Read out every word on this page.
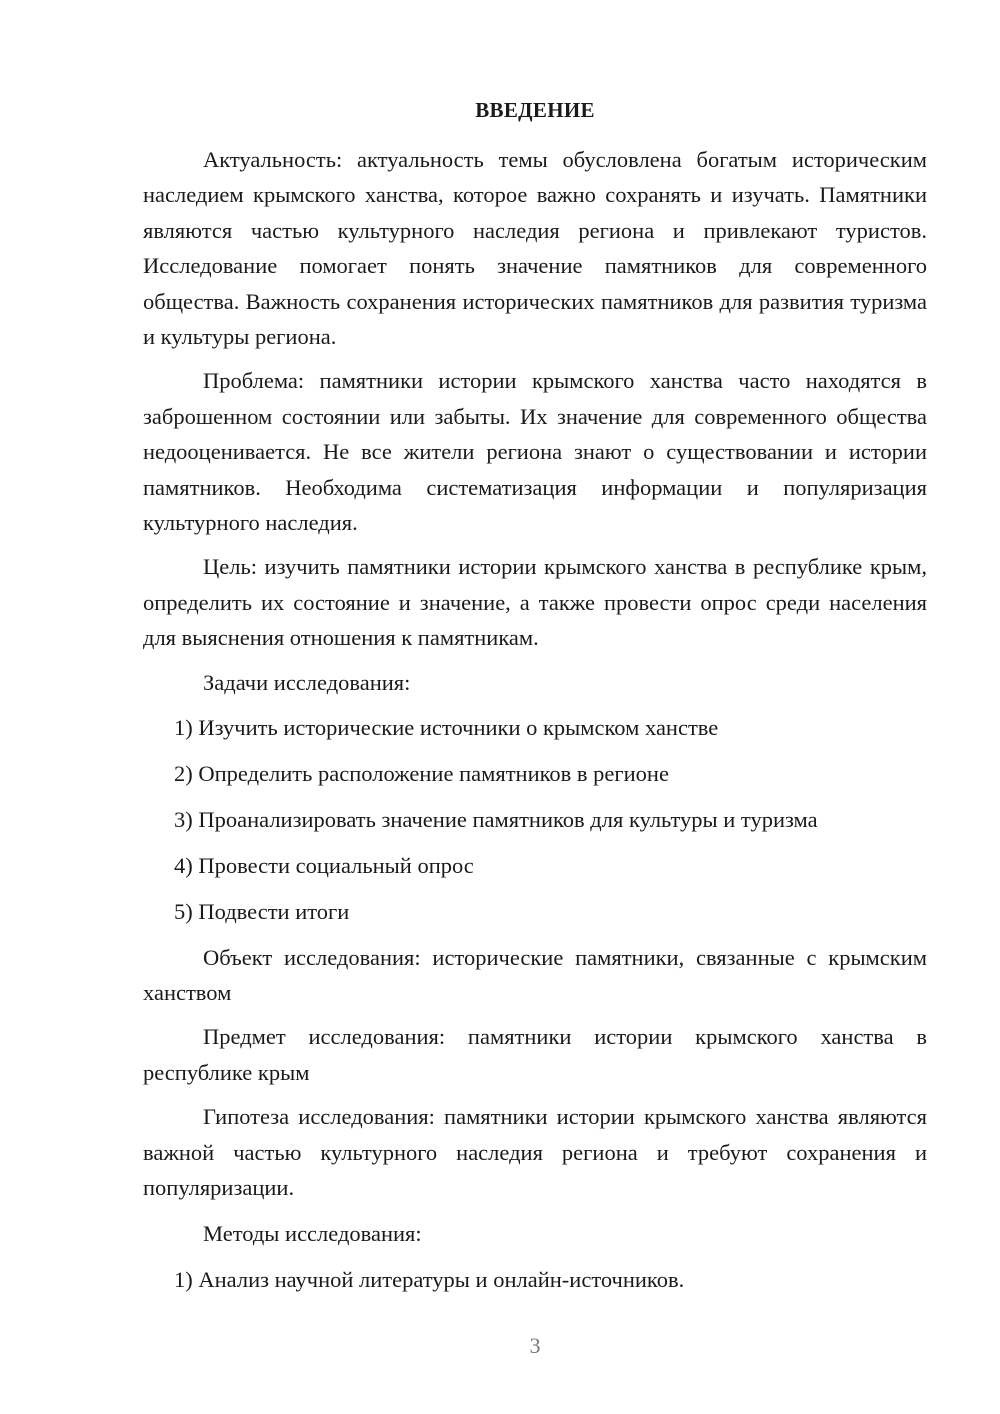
ВВЕДЕНИЕ

Актуальность: актуальность темы обусловлена богатым историческим наследием крымского ханства, которое важно сохранять и изучать. Памятники являются частью культурного наследия региона и привлекают туристов. Исследование помогает понять значение памятников для современного общества. Важность сохранения исторических памятников для развития туризма и культуры региона.

Проблема: памятники истории крымского ханства часто находятся в заброшенном состоянии или забыты. Их значение для современного общества недооценивается. Не все жители региона знают о существовании и истории памятников. Необходима систематизация информации и популяризация культурного наследия.

Цель: изучить памятники истории крымского ханства в республике крым, определить их состояние и значение, а также провести опрос среди населения для выяснения отношения к памятникам.

Задачи исследования:

1) Изучить исторические источники о крымском ханстве

2) Определить расположение памятников в регионе

3) Проанализировать значение памятников для культуры и туризма

4) Провести социальный опрос

5) Подвести итоги

Объект исследования: исторические памятники, связанные с крымским ханством

Предмет исследования: памятники истории крымского ханства в республике крым

Гипотеза исследования: памятники истории крымского ханства являются важной частью культурного наследия региона и требуют сохранения и популяризации.

Методы исследования:

1) Анализ научной литературы и онлайн-источников.

3
